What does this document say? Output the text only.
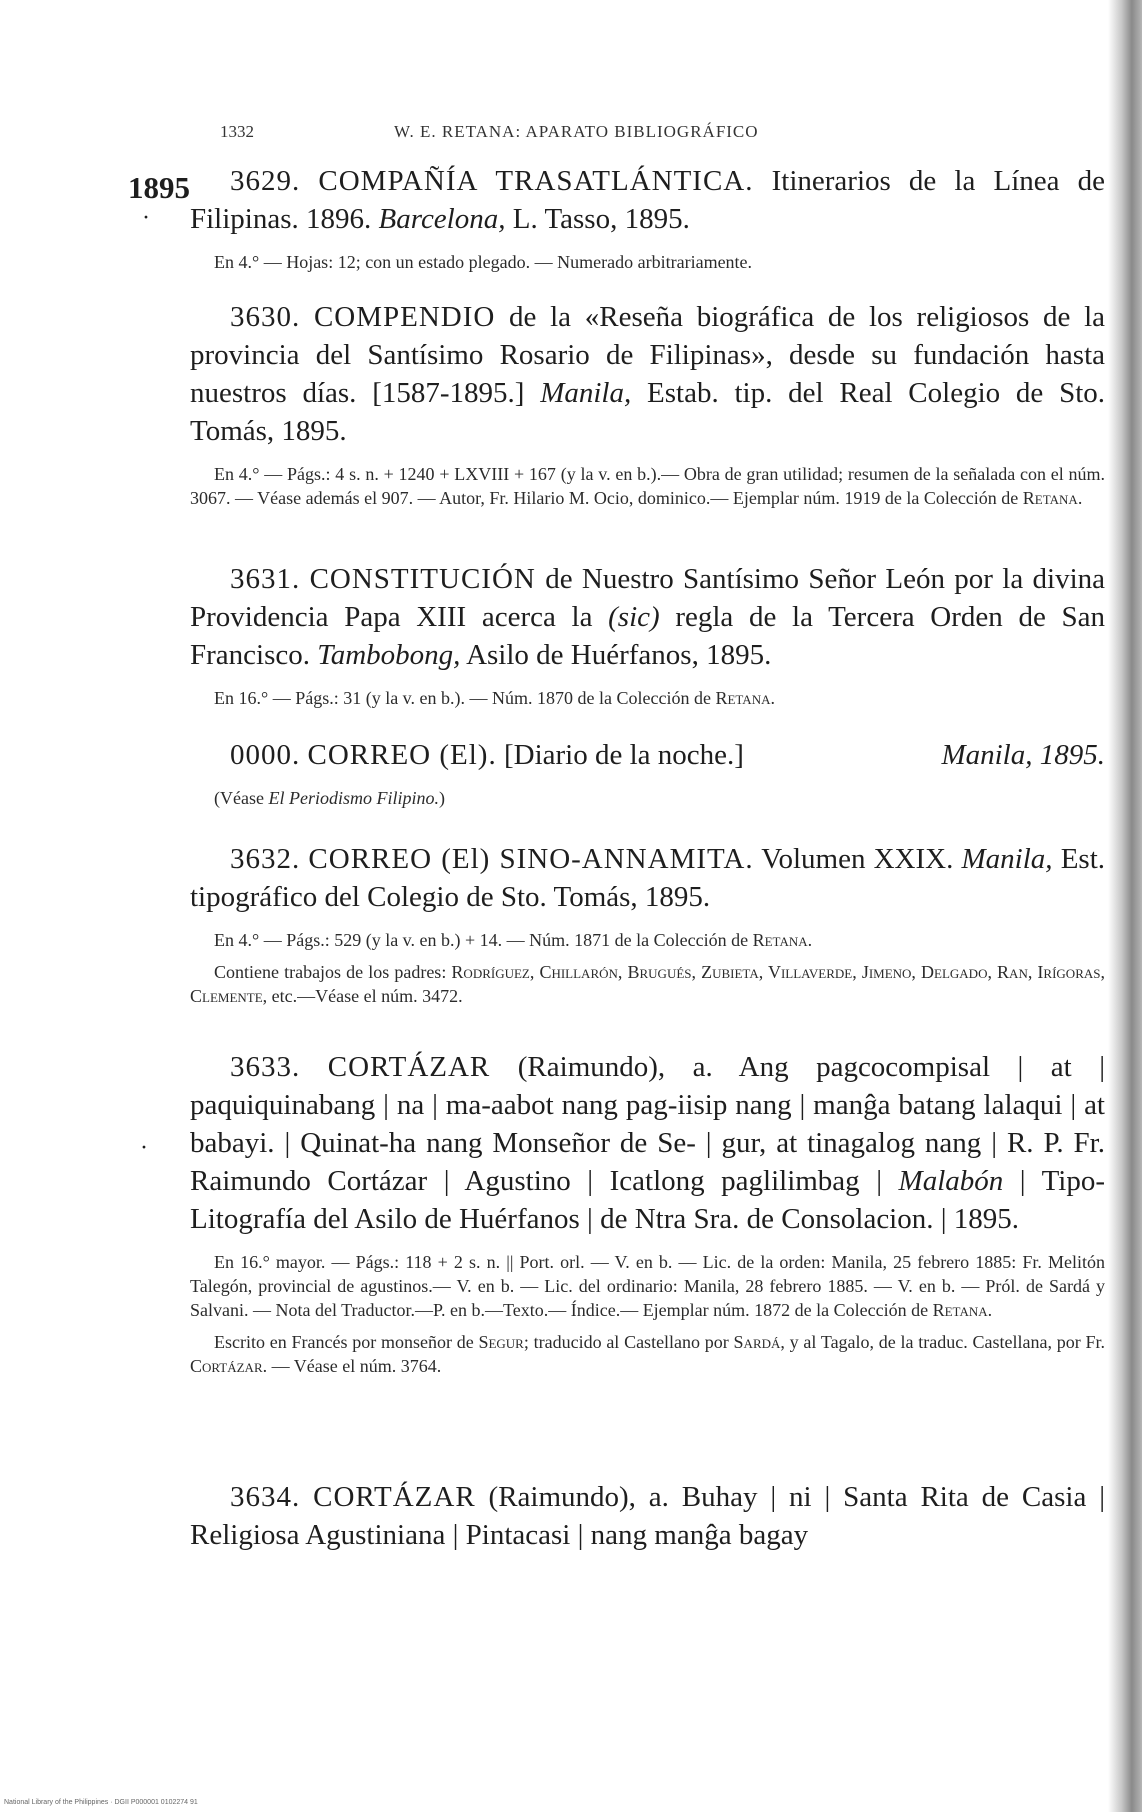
1332	W. E. RETANA: APARATO BIBLIOGRÁFICO
1895
·
·

3629. COMPAÑÍA TRASATLÁNTICA. Itinerarios de la Línea de Filipinas. 1896. Barcelona, L. Tasso, 1895.

En 4.° — Hojas: 12; con un estado plegado. — Numerado arbitrariamente.

3630. COMPENDIO de la «Reseña biográfica de los religiosos de la provincia del Santísimo Rosario de Filipinas», desde su fundación hasta nuestros días. [1587-1895.] Manila, Estab. tip. del Real Colegio de Sto. Tomás, 1895.

En 4.° — Págs.: 4 s. n. + 1240 + LXVIII + 167 (y la v. en b.).— Obra de gran utilidad; resumen de la señalada con el núm. 3067. — Véase además el 907. — Autor, Fr. Hilario M. Ocio, dominico.— Ejemplar núm. 1919 de la Colección de Retana.

3631. CONSTITUCIÓN de Nuestro Santísimo Señor León por la divina Providencia Papa XIII acerca la (sic) regla de la Tercera Orden de San Francisco. Tambobong, Asilo de Huérfanos, 1895.

En 16.° — Págs.: 31 (y la v. en b.). — Núm. 1870 de la Colección de Retana.

0000. CORREO (El). [Diario de la noche.]	Manila, 1895.

(Véase El Periodismo Filipino.)

3632. CORREO (El) SINO-ANNAMITA. Volumen XXIX. Manila, Est. tipográfico del Colegio de Sto. Tomás, 1895.

En 4.° — Págs.: 529 (y la v. en b.) + 14. — Núm. 1871 de la Colección de Retana.

Contiene trabajos de los padres: Rodríguez, Chillarón, Brugués, Zubieta, Villaverde, Jimeno, Delgado, Ran, Irígoras, Clemente, etc.—Véase el núm. 3472.

3633. CORTÁZAR (Raimundo), a. Ang pagcocompisal | at | paquiquinabang | na | ma-aabot nang pag-iisip nang | manĝa batang lalaqui | at babayi. | Quinat-ha nang Monseñor de Se- | gur, at tinagalog nang | R. P. Fr. Raimundo Cortázar | Agustino | Icatlong paglilimbag | Malabón | Tipo-Litografía del Asilo de Huérfanos | de Ntra Sra. de Consolacion. | 1895.

En 16.° mayor. — Págs.: 118 + 2 s. n. || Port. orl. — V. en b. — Lic. de la orden: Manila, 25 febrero 1885: Fr. Melitón Talegón, provincial de agustinos.— V. en b. — Lic. del ordinario: Manila, 28 febrero 1885. — V. en b. — Pról. de Sardá y Salvani. — Nota del Traductor.—P. en b.—Texto.— Índice.— Ejemplar núm. 1872 de la Colección de Retana.

Escrito en Francés por monseñor de Segur; traducido al Castellano por Sardá, y al Tagalo, de la traduc. Castellana, por Fr. Cortázar. — Véase el núm. 3764.

3634. CORTÁZAR (Raimundo), a. Buhay | ni | Santa Rita de Casia | Religiosa Agustiniana | Pintacasi | nang manĝa bagay

National Library of the Philippines · DGII P000001 0102274 91
